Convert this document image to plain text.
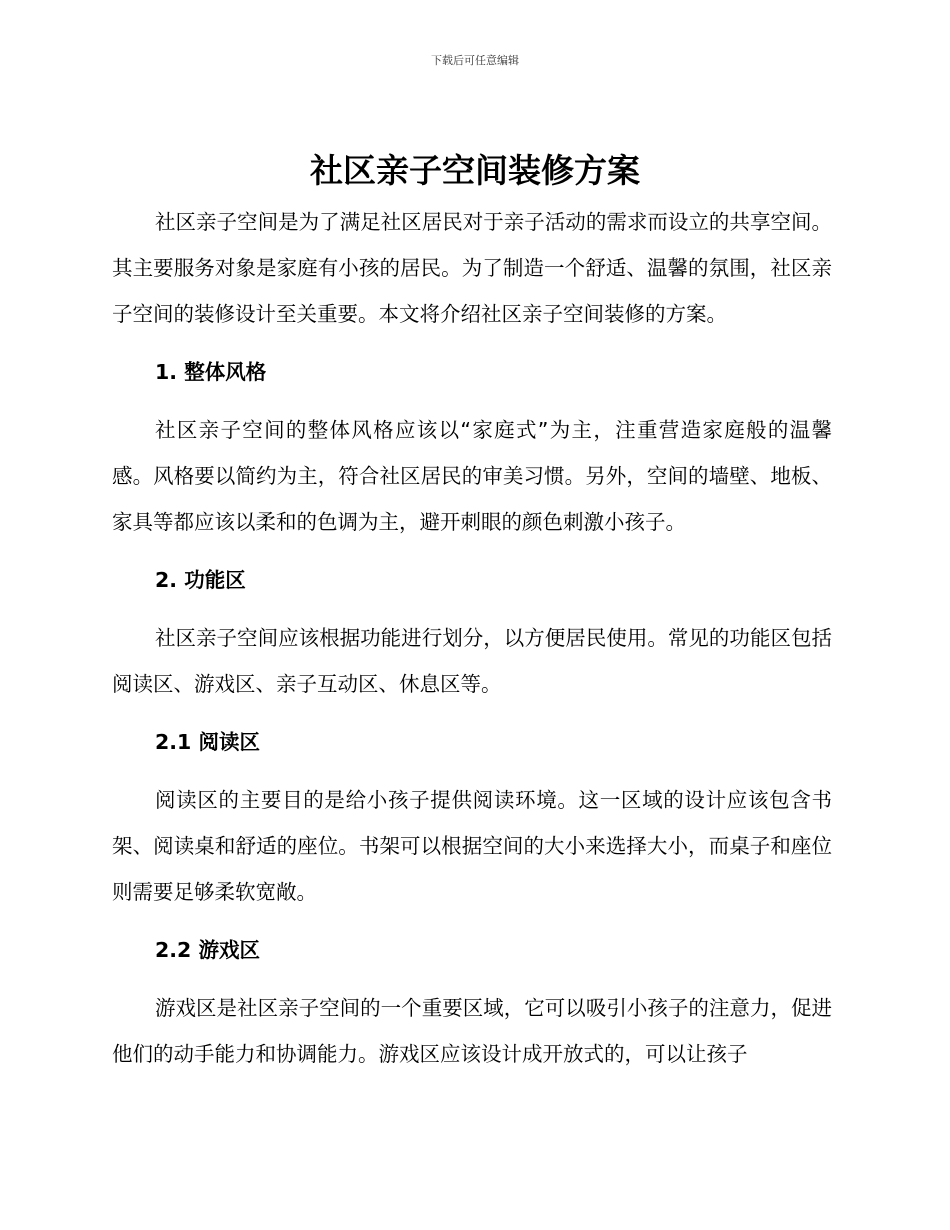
下载后可任意编辑
社区亲子空间装修方案

社区亲子空间是为了满足社区居民对于亲子活动的需求而设立的共享空间。其主要服务对象是家庭有小孩的居民。为了制造一个舒适、温馨的氛围，社区亲子空间的装修设计至关重要。本文将介绍社区亲子空间装修的方案。

1. 整体风格

社区亲子空间的整体风格应该以“家庭式”为主，注重营造家庭般的温馨感。风格要以简约为主，符合社区居民的审美习惯。另外，空间的墙壁、地板、家具等都应该以柔和的色调为主，避开刺眼的颜色刺激小孩子。

2. 功能区

社区亲子空间应该根据功能进行划分，以方便居民使用。常见的功能区包括阅读区、游戏区、亲子互动区、休息区等。

2.1 阅读区

阅读区的主要目的是给小孩子提供阅读环境。这一区域的设计应该包含书架、阅读桌和舒适的座位。书架可以根据空间的大小来选择大小，而桌子和座位则需要足够柔软宽敞。

2.2 游戏区

游戏区是社区亲子空间的一个重要区域，它可以吸引小孩子的注意力，促进他们的动手能力和协调能力。游戏区应该设计成开放式的，可以让孩子
